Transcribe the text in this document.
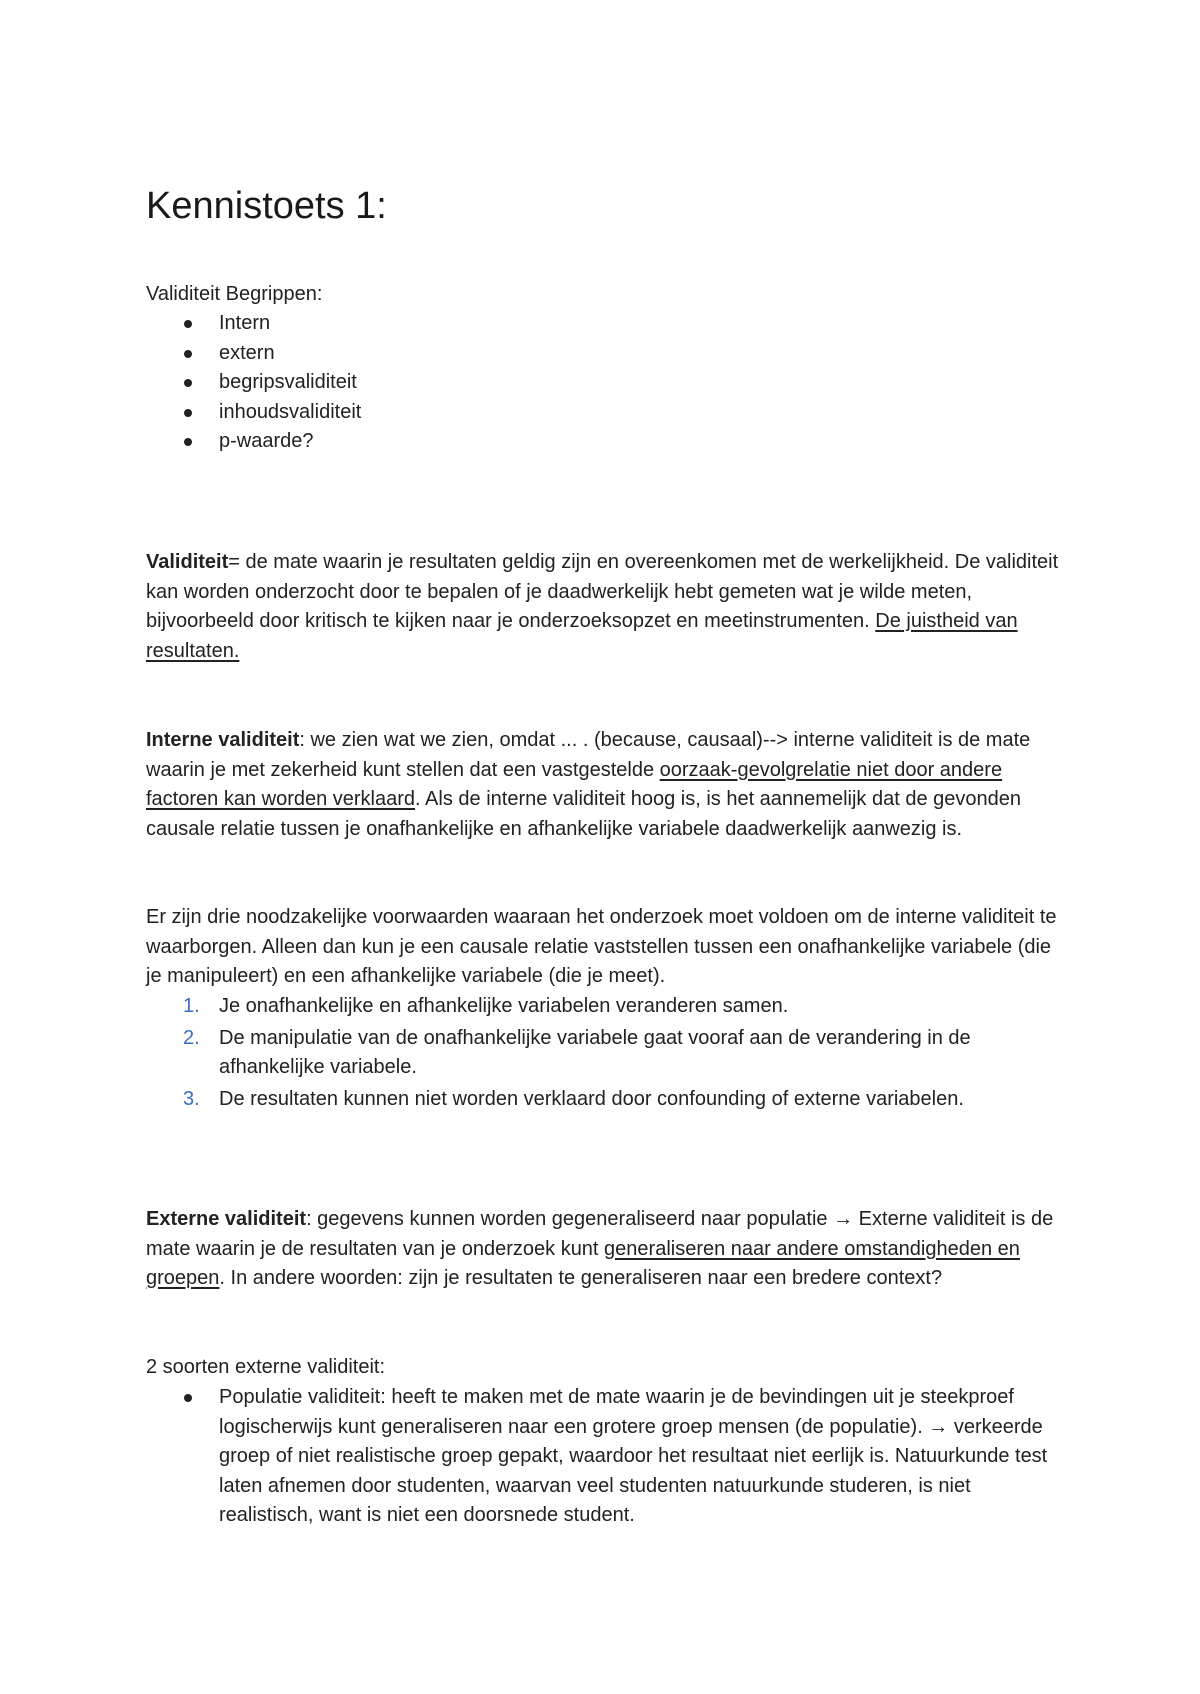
Kennistoets 1:

Validiteit Begrippen:

Intern
extern
begripsvaliditeit
inhoudsvaliditeit
p-waarde?

Validiteit= de mate waarin je resultaten geldig zijn en overeenkomen met de werkelijkheid. De validiteit kan worden onderzocht door te bepalen of je daadwerkelijk hebt gemeten wat je wilde meten, bijvoorbeeld door kritisch te kijken naar je onderzoeksopzet en meetinstrumenten. De juistheid van resultaten.

Interne validiteit: we zien wat we zien, omdat ... . (because, causaal)--> interne validiteit is de mate waarin je met zekerheid kunt stellen dat een vastgestelde oorzaak-gevolgrelatie niet door andere factoren kan worden verklaard. Als de interne validiteit hoog is, is het aannemelijk dat de gevonden causale relatie tussen je onafhankelijke en afhankelijke variabele daadwerkelijk aanwezig is.

Er zijn drie noodzakelijke voorwaarden waaraan het onderzoek moet voldoen om de interne validiteit te waarborgen. Alleen dan kun je een causale relatie vaststellen tussen een onafhankelijke variabele (die je manipuleert) en een afhankelijke variabele (die je meet).

1. Je onafhankelijke en afhankelijke variabelen veranderen samen.
2. De manipulatie van de onafhankelijke variabele gaat vooraf aan de verandering in de afhankelijke variabele.
3. De resultaten kunnen niet worden verklaard door confounding of externe variabelen.

Externe validiteit: gegevens kunnen worden gegeneraliseerd naar populatie → Externe validiteit is de mate waarin je de resultaten van je onderzoek kunt generaliseren naar andere omstandigheden en groepen. In andere woorden: zijn je resultaten te generaliseren naar een bredere context?

2 soorten externe validiteit:

Populatie validiteit: heeft te maken met de mate waarin je de bevindingen uit je steekproef logischerwijs kunt generaliseren naar een grotere groep mensen (de populatie). → verkeerde groep of niet realistische groep gepakt, waardoor het resultaat niet eerlijk is. Natuurkunde test laten afnemen door studenten, waarvan veel studenten natuurkunde studeren, is niet realistisch, want is niet een doorsnede student.
